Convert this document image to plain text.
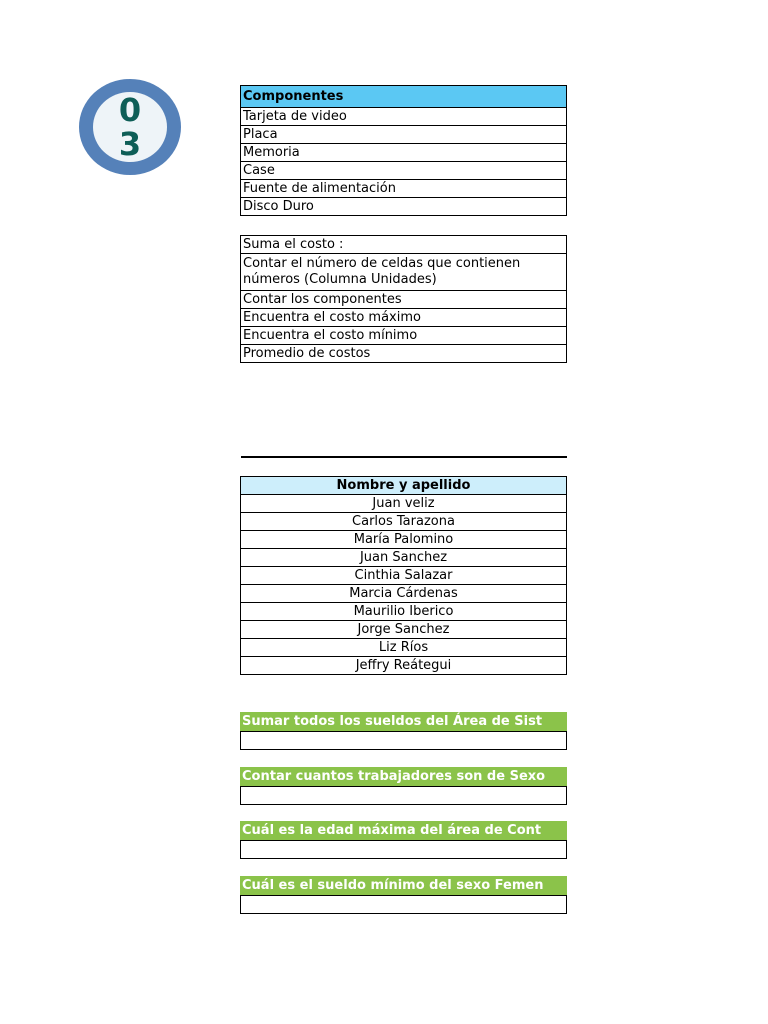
0
3
Componentes
Tarjeta de video
Placa
Memoria
Case
Fuente de alimentación
Disco Duro
Suma el costo :
Contar el número de celdas que contienen números (Columna Unidades)
Contar los componentes
Encuentra el costo máximo
Encuentra el costo mínimo
Promedio de costos
Nombre y apellido
Juan veliz
Carlos Tarazona
María Palomino
Juan Sanchez
Cinthia Salazar
Marcia Cárdenas
Maurilio Iberico
Jorge Sanchez
Liz Ríos
Jeffry Reátegui
Sumar todos los sueldos del Área de Sist
Contar cuantos trabajadores son de Sexo
Cuál es la edad máxima del área de Cont
Cuál es el sueldo mínimo del sexo Femen
